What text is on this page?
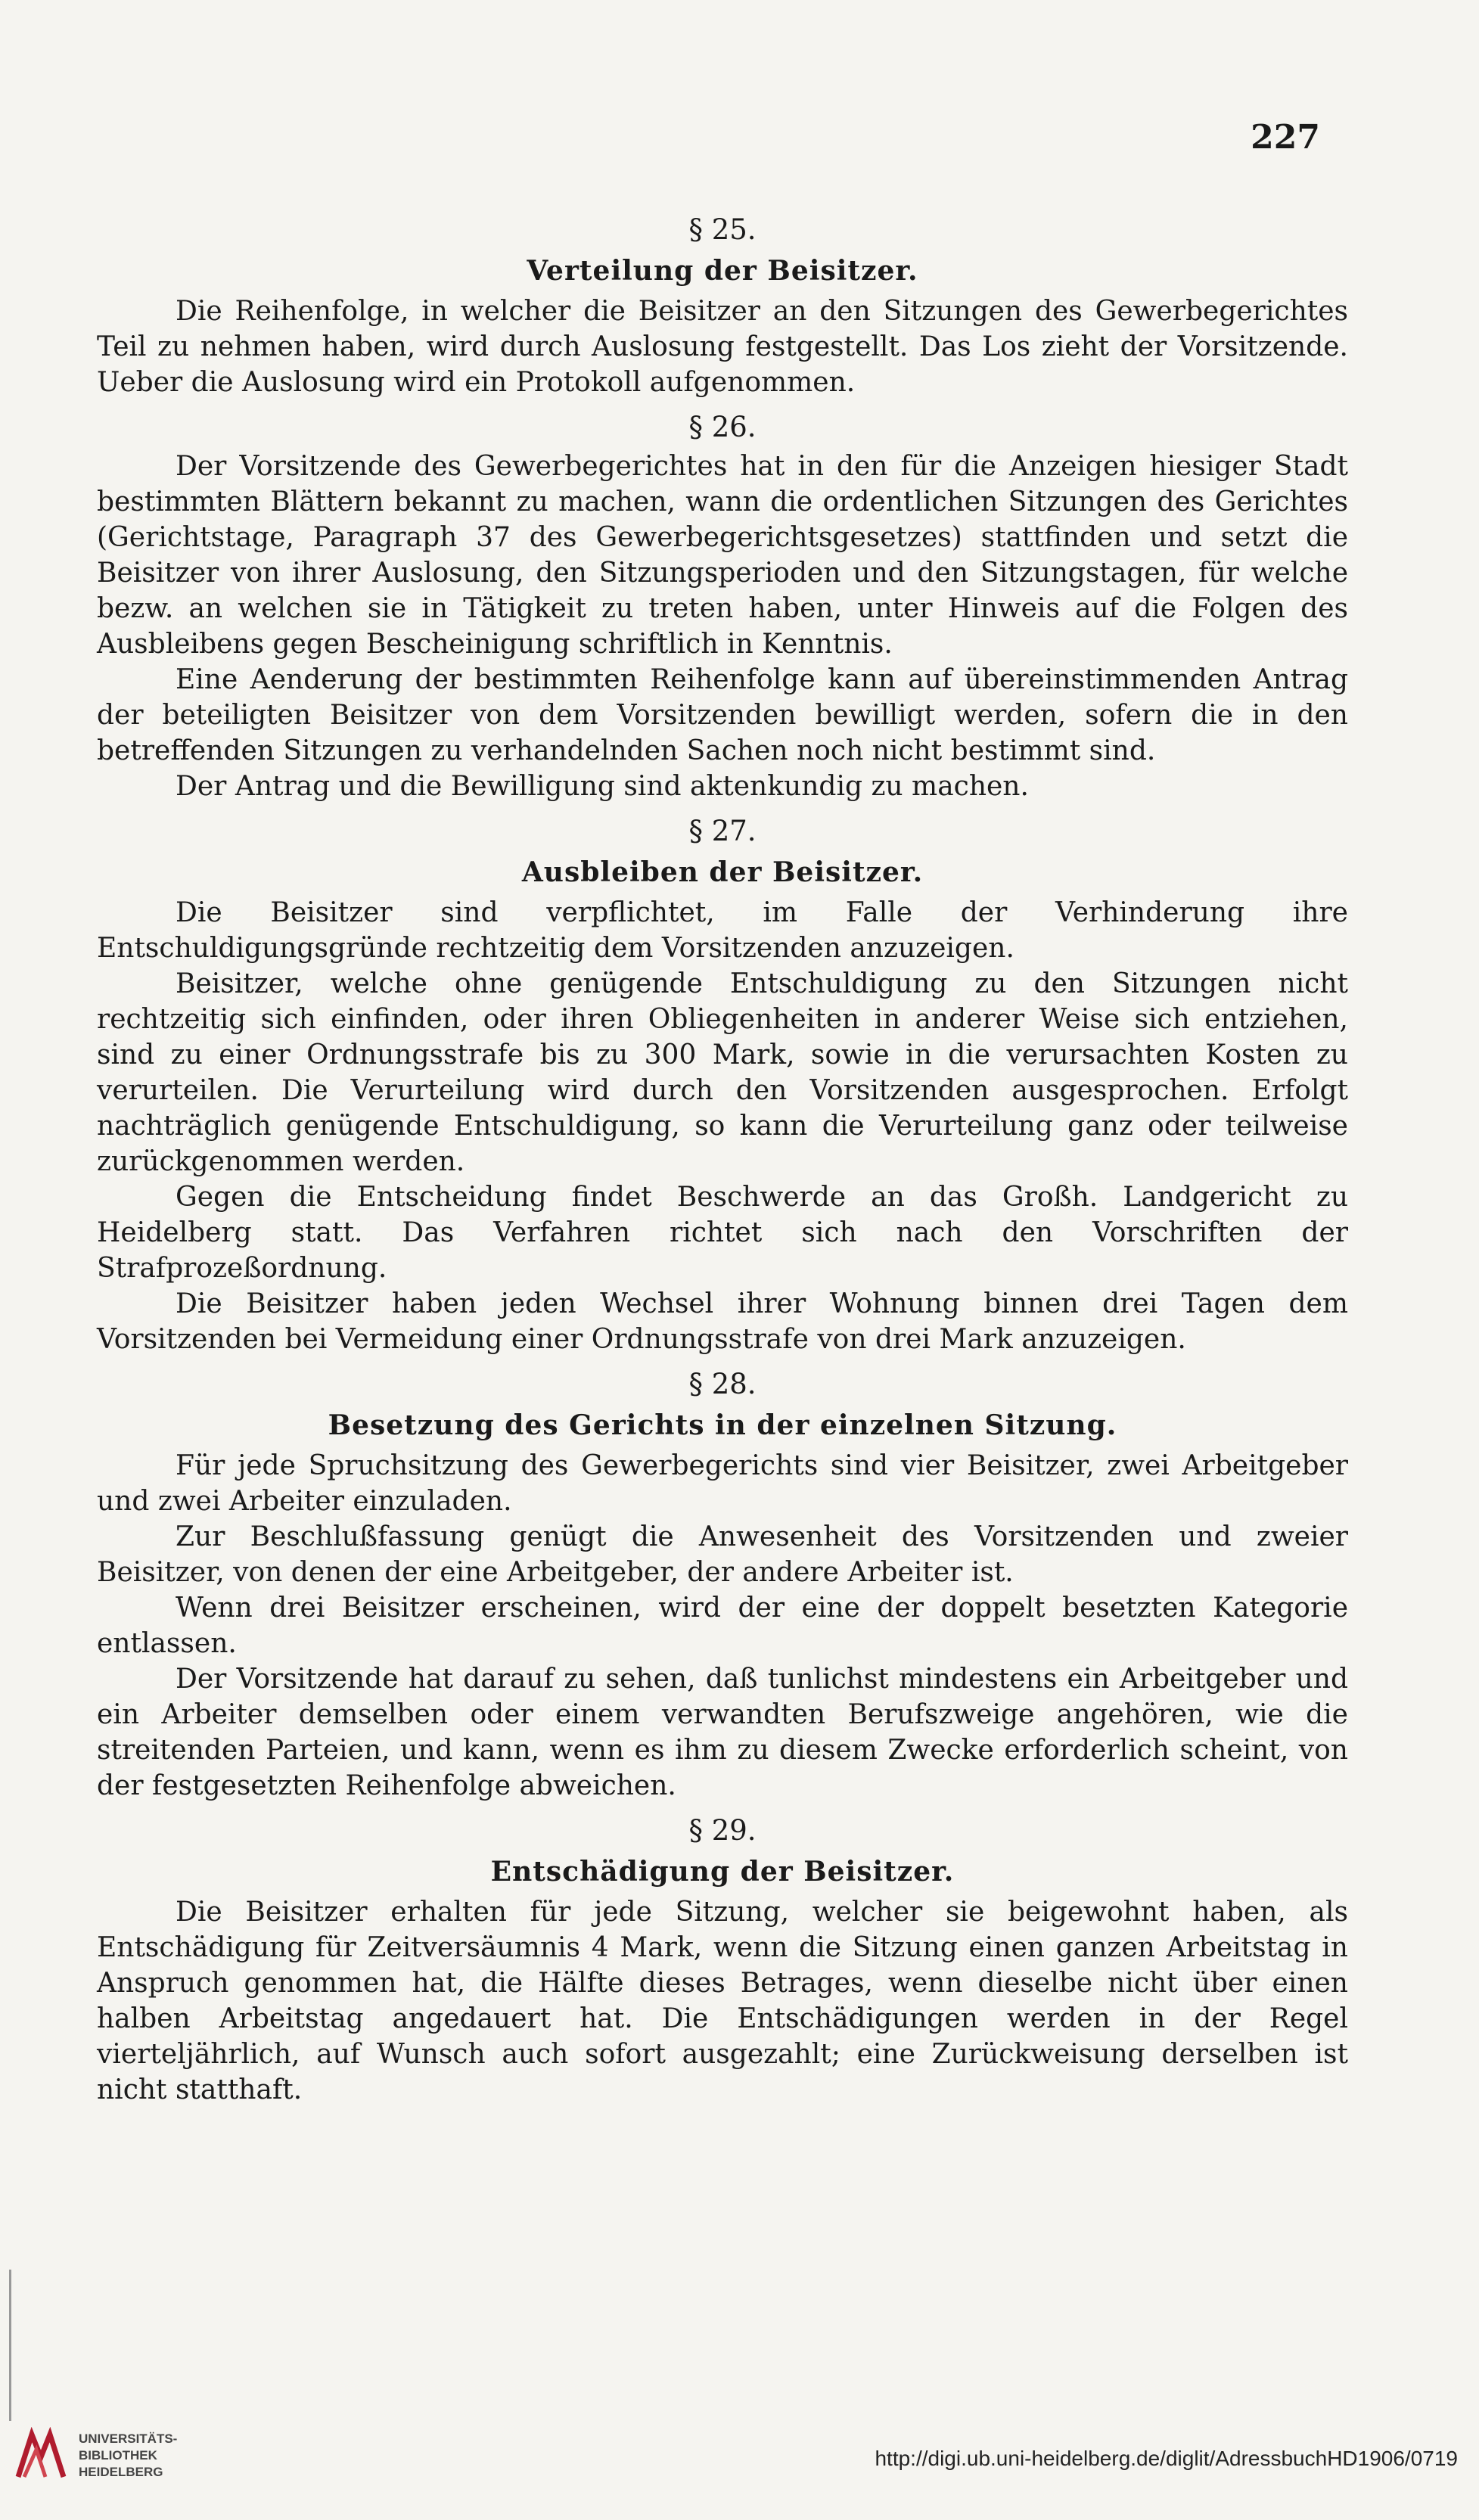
227
§ 25.
Verteilung der Beisitzer.

Die Reihenfolge, in welcher die Beisitzer an den Sitzungen des Gewerbegerichtes Teil zu nehmen haben, wird durch Auslosung festgestellt. Das Los zieht der Vorsitzende. Ueber die Auslosung wird ein Protokoll aufgenommen.

§ 26.

Der Vorsitzende des Gewerbegerichtes hat in den für die Anzeigen hiesiger Stadt bestimmten Blättern bekannt zu machen, wann die ordentlichen Sitzungen des Gerichtes (Gerichtstage, Paragraph 37 des Gewerbegerichtsgesetzes) stattfinden und setzt die Beisitzer von ihrer Auslosung, den Sitzungsperioden und den Sitzungstagen, für welche bezw. an welchen sie in Tätigkeit zu treten haben, unter Hinweis auf die Folgen des Ausbleibens gegen Bescheinigung schriftlich in Kenntnis.

Eine Aenderung der bestimmten Reihenfolge kann auf übereinstimmenden Antrag der beteiligten Beisitzer von dem Vorsitzenden bewilligt werden, sofern die in den betreffenden Sitzungen zu verhandelnden Sachen noch nicht bestimmt sind.

Der Antrag und die Bewilligung sind aktenkundig zu machen.

§ 27.
Ausbleiben der Beisitzer.

Die Beisitzer sind verpflichtet, im Falle der Verhinderung ihre Entschuldigungsgründe rechtzeitig dem Vorsitzenden anzuzeigen.

Beisitzer, welche ohne genügende Entschuldigung zu den Sitzungen nicht rechtzeitig sich einfinden, oder ihren Obliegenheiten in anderer Weise sich entziehen, sind zu einer Ordnungsstrafe bis zu 300 Mark, sowie in die verursachten Kosten zu verurteilen. Die Verurteilung wird durch den Vorsitzenden ausgesprochen. Erfolgt nachträglich genügende Entschuldigung, so kann die Verurteilung ganz oder teilweise zurückgenommen werden.

Gegen die Entscheidung findet Beschwerde an das Großh. Landgericht zu Heidelberg statt. Das Verfahren richtet sich nach den Vorschriften der Strafprozeßordnung.

Die Beisitzer haben jeden Wechsel ihrer Wohnung binnen drei Tagen dem Vorsitzenden bei Vermeidung einer Ordnungsstrafe von drei Mark anzuzeigen.

§ 28.
Besetzung des Gerichts in der einzelnen Sitzung.

Für jede Spruchsitzung des Gewerbegerichts sind vier Beisitzer, zwei Arbeitgeber und zwei Arbeiter einzuladen.

Zur Beschlußfassung genügt die Anwesenheit des Vorsitzenden und zweier Beisitzer, von denen der eine Arbeitgeber, der andere Arbeiter ist.

Wenn drei Beisitzer erscheinen, wird der eine der doppelt besetzten Kategorie entlassen.

Der Vorsitzende hat darauf zu sehen, daß tunlichst mindestens ein Arbeitgeber und ein Arbeiter demselben oder einem verwandten Berufszweige angehören, wie die streitenden Parteien, und kann, wenn es ihm zu diesem Zwecke erforderlich scheint, von der festgesetzten Reihenfolge abweichen.

§ 29.
Entschädigung der Beisitzer.

Die Beisitzer erhalten für jede Sitzung, welcher sie beigewohnt haben, als Entschädigung für Zeitversäumnis 4 Mark, wenn die Sitzung einen ganzen Arbeitstag in Anspruch genommen hat, die Hälfte dieses Betrages, wenn dieselbe nicht über einen halben Arbeitstag angedauert hat. Die Entschädigungen werden in der Regel vierteljährlich, auf Wunsch auch sofort ausgezahlt; eine Zurückweisung derselben ist nicht statthaft.

UNIVERSITÄTS-
BIBLIOTHEK
HEIDELBERG
http://digi.ub.uni-heidelberg.de/diglit/AdressbuchHD1906/0719
